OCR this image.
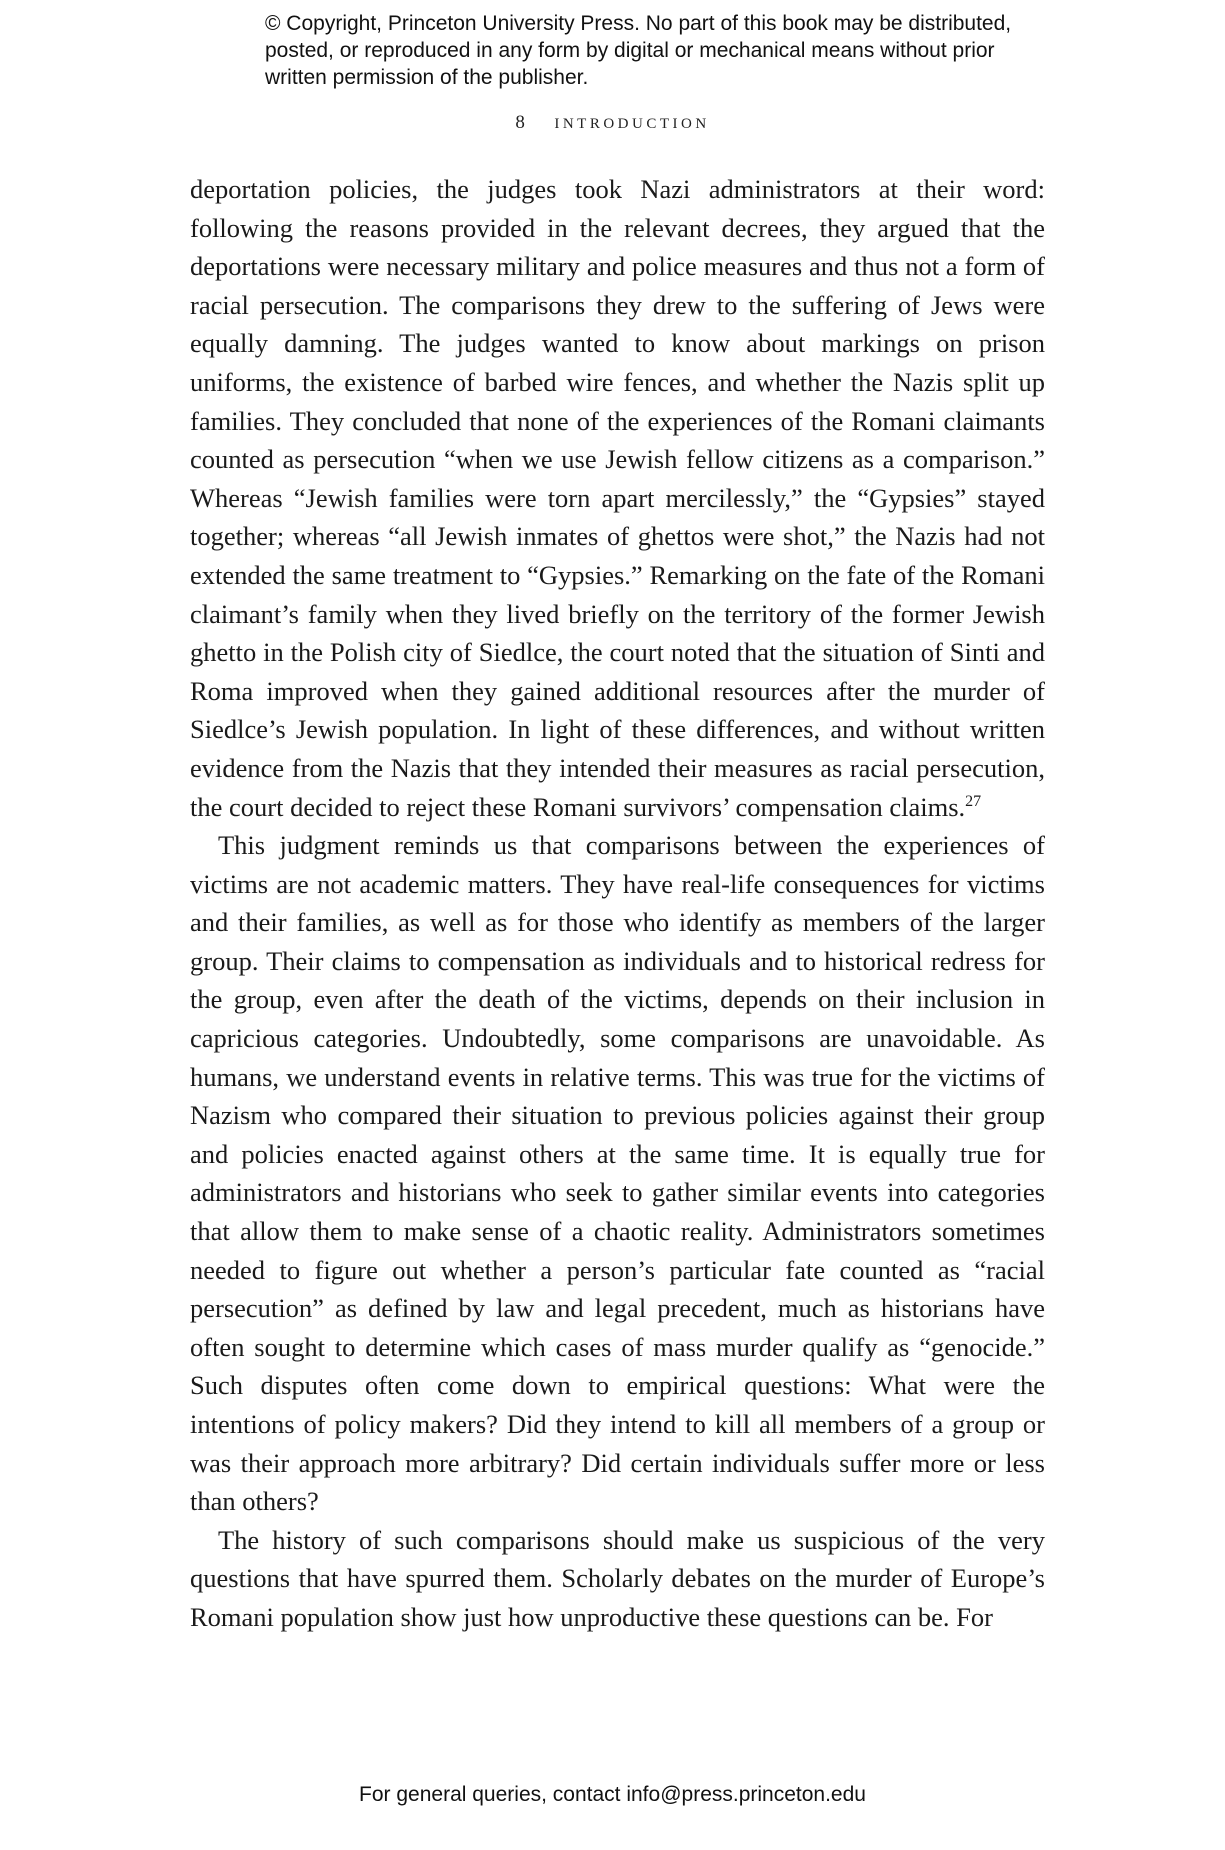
© Copyright, Princeton University Press. No part of this book may be distributed, posted, or reproduced in any form by digital or mechanical means without prior written permission of the publisher.
8 INTRODUCTION

deportation policies, the judges took Nazi administrators at their word: following the reasons provided in the relevant decrees, they argued that the deportations were necessary military and police measures and thus not a form of racial persecution. The comparisons they drew to the suffering of Jews were equally damning. The judges wanted to know about markings on prison uniforms, the existence of barbed wire fences, and whether the Nazis split up families. They concluded that none of the experiences of the Romani claimants counted as persecution “when we use Jewish fellow citizens as a comparison.” Whereas “Jewish families were torn apart mercilessly,” the “Gypsies” stayed together; whereas “all Jewish inmates of ghettos were shot,” the Nazis had not extended the same treatment to “Gypsies.” Remarking on the fate of the Romani claimant’s family when they lived briefly on the territory of the former Jewish ghetto in the Polish city of Siedlce, the court noted that the situation of Sinti and Roma improved when they gained additional resources after the murder of Siedlce’s Jewish population. In light of these differences, and without written evidence from the Nazis that they intended their measures as racial persecution, the court decided to reject these Romani survivors’ compensation claims.$^{27}$

This judgment reminds us that comparisons between the experiences of victims are not academic matters. They have real-life consequences for victims and their families, as well as for those who identify as members of the larger group. Their claims to compensation as individuals and to historical redress for the group, even after the death of the victims, depends on their inclusion in capricious categories. Undoubtedly, some comparisons are unavoidable. As humans, we understand events in relative terms. This was true for the victims of Nazism who compared their situation to previous policies against their group and policies enacted against others at the same time. It is equally true for administrators and historians who seek to gather similar events into categories that allow them to make sense of a chaotic reality. Administrators sometimes needed to figure out whether a person’s particular fate counted as “racial persecution” as defined by law and legal precedent, much as historians have often sought to determine which cases of mass murder qualify as “genocide.” Such disputes often come down to empirical questions: What were the intentions of policy makers? Did they intend to kill all members of a group or was their approach more arbitrary? Did certain individuals suffer more or less than others?

The history of such comparisons should make us suspicious of the very questions that have spurred them. Scholarly debates on the murder of Europe’s Romani population show just how unproductive these questions can be. For

For general queries, contact info@press.princeton.edu
